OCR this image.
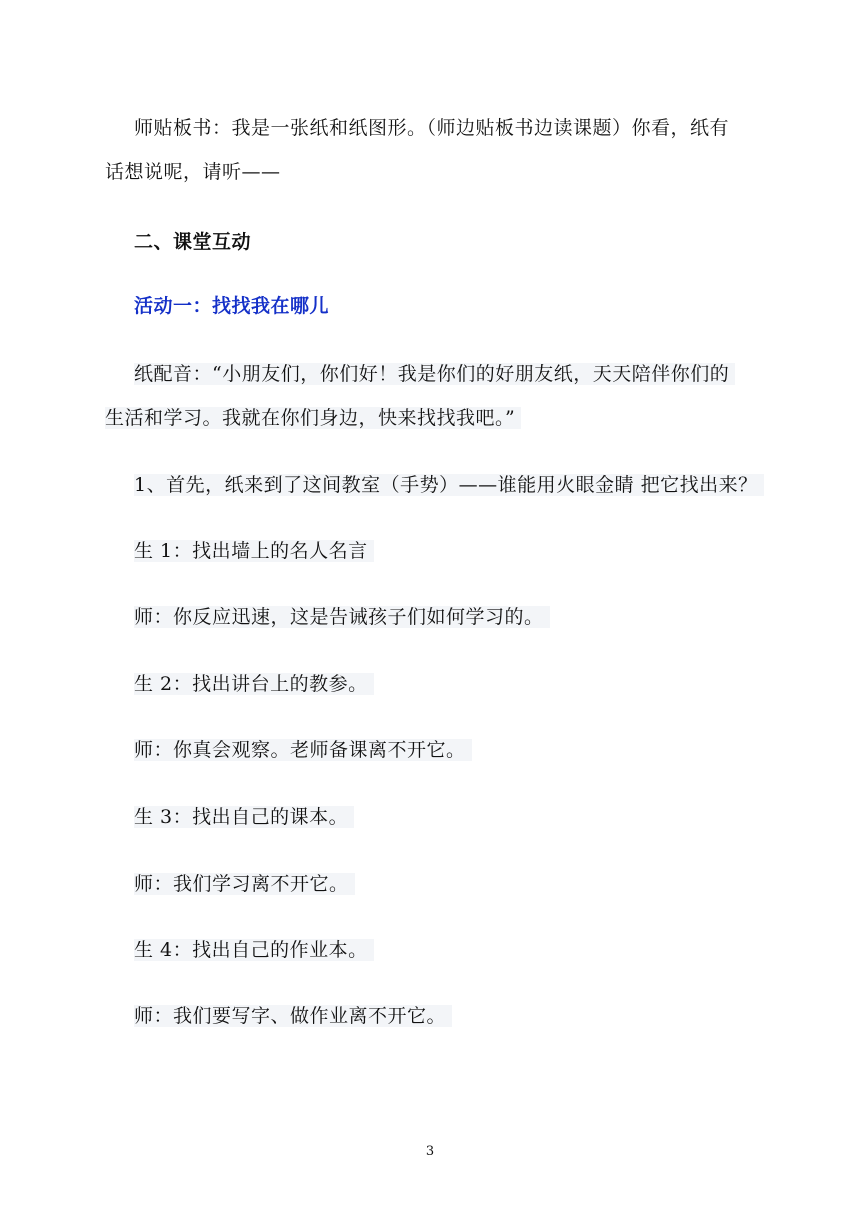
师贴板书：我是一张纸和纸图形。（师边贴板书边读课题）你看，纸有
话想说呢，请听——
二、课堂互动
活动一：找找我在哪儿
纸配音：“小朋友们，你们好！我是你们的好朋友纸，天天陪伴你们的
生活和学习。我就在你们身边，快来找找我吧。”
1、首先，纸来到了这间教室（手势）——谁能用火眼金睛 把它找出来？
生 1：找出墙上的名人名言
师：你反应迅速，这是告诫孩子们如何学习的。
生 2：找出讲台上的教参。
师：你真会观察。老师备课离不开它。
生 3：找出自己的课本。
师：我们学习离不开它。
生 4：找出自己的作业本。
师：我们要写字、做作业离不开它。
3
